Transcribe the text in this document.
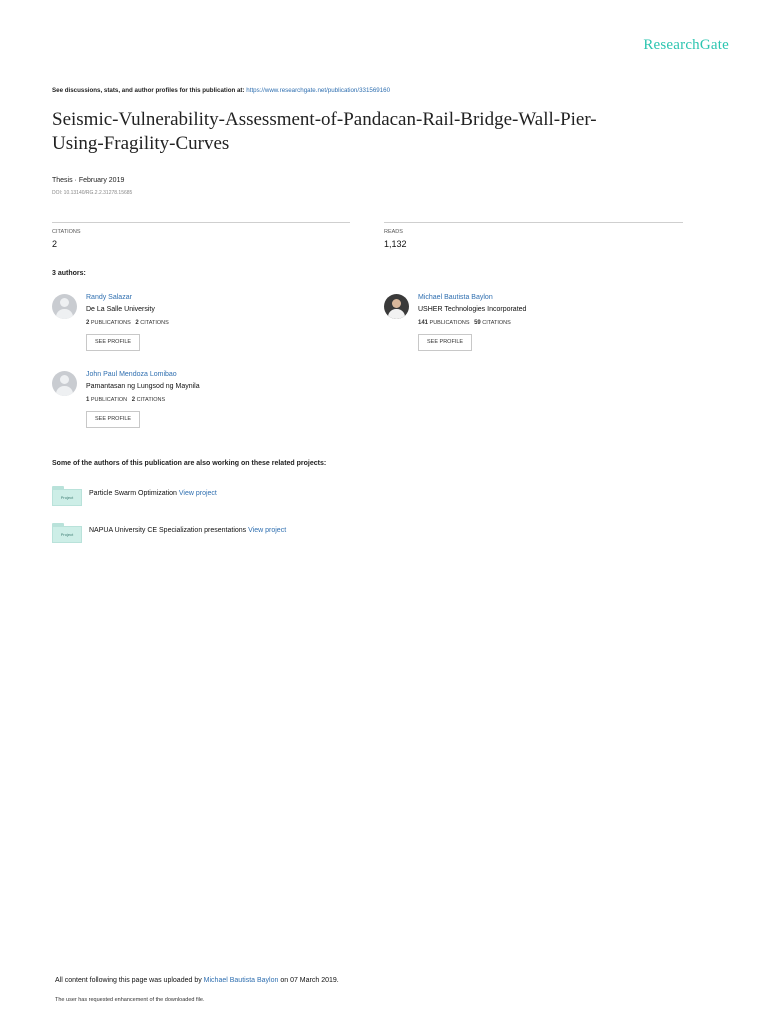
ResearchGate
See discussions, stats, and author profiles for this publication at: https://www.researchgate.net/publication/331569160
Seismic-Vulnerability-Assessment-of-Pandacan-Rail-Bridge-Wall-Pier-
Using-Fragility-Curves
Thesis · February 2019
DOI: 10.13140/RG.2.2.31278.15685
CITATIONS
2
READS
1,132
3 authors:
Randy Salazar
De La Salle University
2 PUBLICATIONS 2 CITATIONS
SEE PROFILE
Michael Bautista Baylon
USHER Technologies Incorporated
141 PUBLICATIONS 59 CITATIONS
SEE PROFILE
John Paul Mendoza Lomibao
Pamantasan ng Lungsod ng Maynila
1 PUBLICATION 2 CITATIONS
SEE PROFILE
Some of the authors of this publication are also working on these related projects:
Project
Particle Swarm Optimization View project
Project
NAPUA University CE Specialization presentations View project
All content following this page was uploaded by Michael Bautista Baylon on 07 March 2019.
The user has requested enhancement of the downloaded file.
